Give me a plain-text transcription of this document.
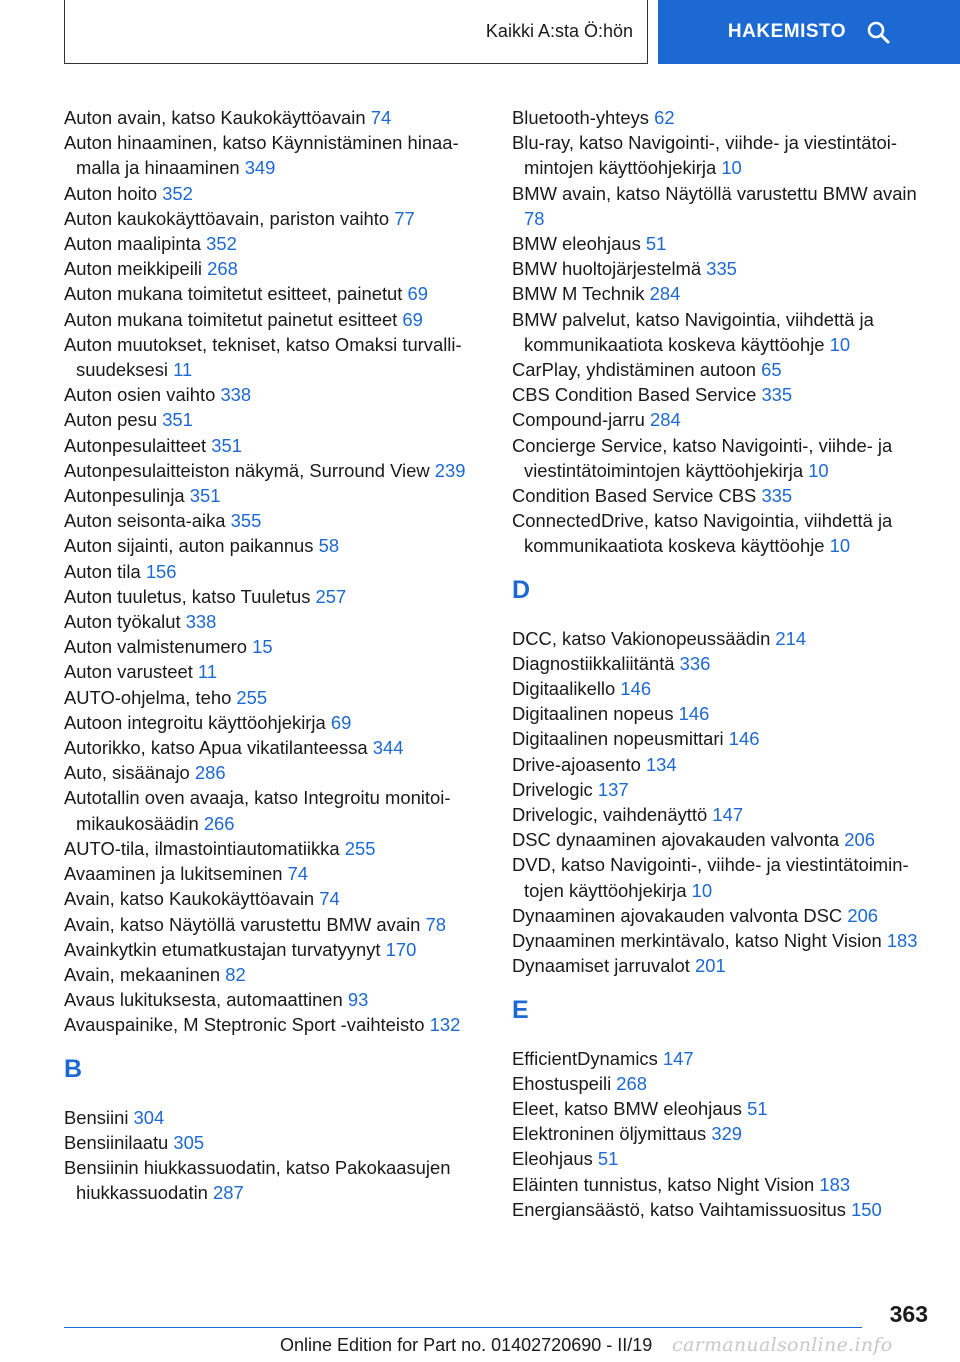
Kaikki A:sta Ö:hön	HAKEMISTO

Auton avain, katso Kaukokäyttöavain 74

Auton hinaaminen, katso Käynnistäminen hinaamalla ja hinaaminen 349

Auton hoito 352

Auton kaukokäyttöavain, pariston vaihto 77

Auton maalipinta 352

Auton meikkipeili 268

Auton mukana toimitetut esitteet, painetut 69

Auton mukana toimitetut painetut esitteet 69

Auton muutokset, tekniset, katso Omaksi turvallisuudeksesi 11

Auton osien vaihto 338

Auton pesu 351

Autonpesulaitteet 351

Autonpesulaitteiston näkymä, Surround View 239

Autonpesulinja 351

Auton seisonta-aika 355

Auton sijainti, auton paikannus 58

Auton tila 156

Auton tuuletus, katso Tuuletus 257

Auton työkalut 338

Auton valmistenumero 15

Auton varusteet 11

AUTO-ohjelma, teho 255

Autoon integroitu käyttöohjekirja 69

Autorikko, katso Apua vikatilanteessa 344

Auto, sisäänajo 286

Autotallin oven avaaja, katso Integroitu monitoimikaukosäädin 266

AUTO-tila, ilmastointiautomatiikka 255

Avaaminen ja lukitseminen 74

Avain, katso Kaukokäyttöavain 74

Avain, katso Näytöllä varustettu BMW avain 78

Avainkytkin etumatkustajan turvatyynyt 170

Avain, mekaaninen 82

Avaus lukituksesta, automaattinen 93

Avauspainike, M Steptronic Sport -vaihteisto 132

B

Bensiini 304

Bensiinilaatu 305

Bensiinin hiukkassuodatin, katso Pakokaasujen hiukkassuodatin 287

Bluetooth-yhteys 62

Blu-ray, katso Navigointi-, viihde- ja viestintätoimintojen käyttöohjekirja 10

BMW avain, katso Näytöllä varustettu BMW avain 78

BMW eleohjaus 51

BMW huoltojärjestelmä 335

BMW M Technik 284

BMW palvelut, katso Navigointia, viihdettä ja kommunikaatiota koskeva käyttöohje 10

CarPlay, yhdistäminen autoon 65

CBS Condition Based Service 335

Compound-jarru 284

Concierge Service, katso Navigointi-, viihde- ja viestintätoimintojen käyttöohjekirja 10

Condition Based Service CBS 335

ConnectedDrive, katso Navigointia, viihdettä ja kommunikaatiota koskeva käyttöohje 10

D

DCC, katso Vakionopeussäädin 214

Diagnostiikkaliitäntä 336

Digitaalikello 146

Digitaalinen nopeus 146

Digitaalinen nopeusmittari 146

Drive-ajoasento 134

Drivelogic 137

Drivelogic, vaihdenäyttö 147

DSC dynaaminen ajovakauden valvonta 206

DVD, katso Navigointi-, viihde- ja viestintätoimintojen käyttöohjekirja 10

Dynaaminen ajovakauden valvonta DSC 206

Dynaaminen merkintävalo, katso Night Vision 183

Dynaamiset jarruvalot 201

E

EfficientDynamics 147

Ehostuspeili 268

Eleet, katso BMW eleohjaus 51

Elektroninen öljymittaus 329

Eleohjaus 51

Eläinten tunnistus, katso Night Vision 183

Energiansäästö, katso Vaihtamissuositus 150

363
Online Edition for Part no. 01402720690 - II/19 carmanualsonline.info
